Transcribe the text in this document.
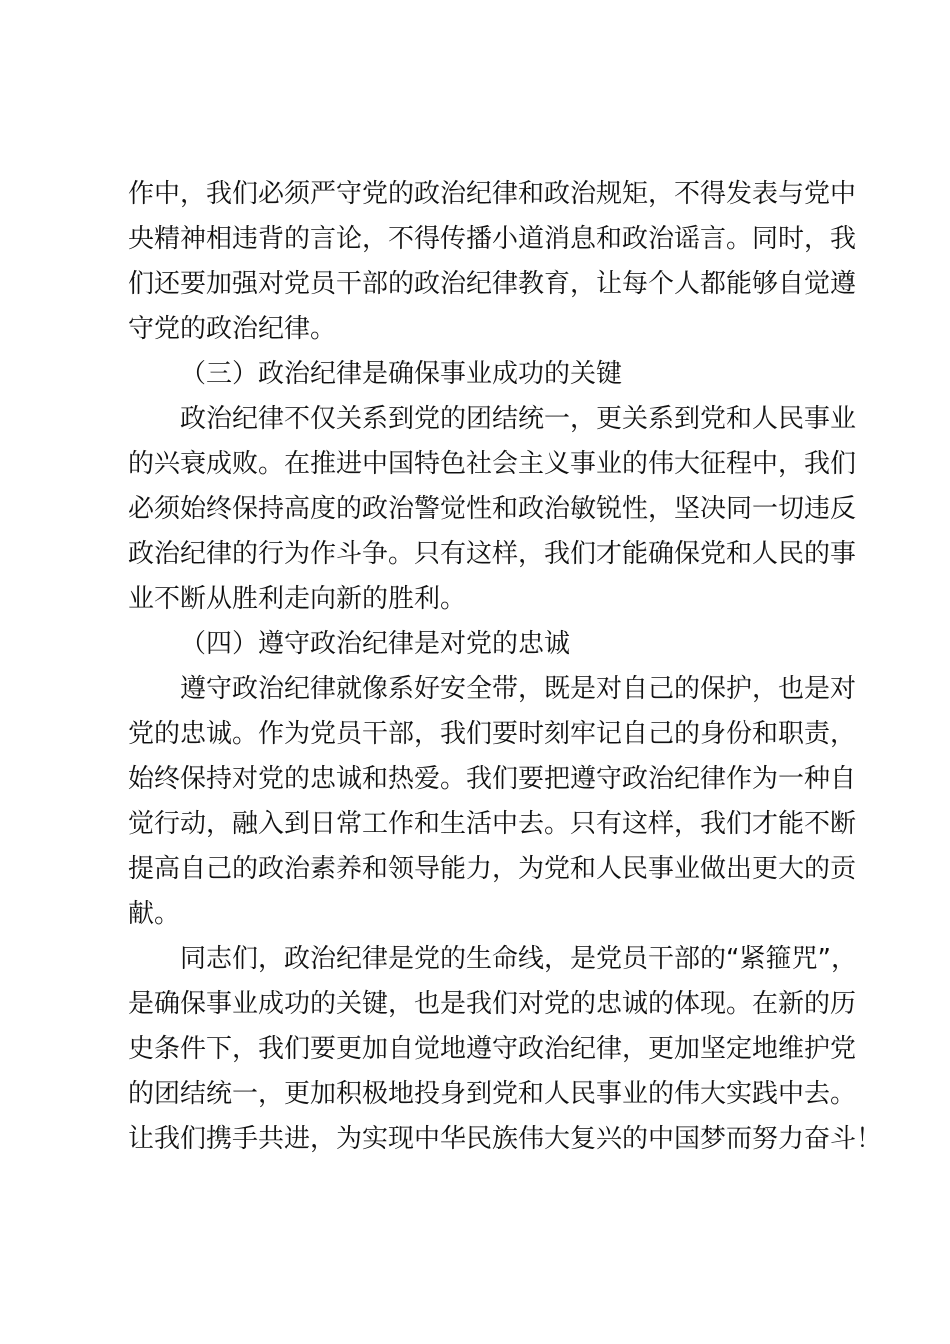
作中，我们必须严守党的政治纪律和政治规矩，不得发表与党中
央精神相违背的言论，不得传播小道消息和政治谣言。同时，我
们还要加强对党员干部的政治纪律教育，让每个人都能够自觉遵
守党的政治纪律。
（三）政治纪律是确保事业成功的关键
政治纪律不仅关系到党的团结统一，更关系到党和人民事业
的兴衰成败。在推进中国特色社会主义事业的伟大征程中，我们
必须始终保持高度的政治警觉性和政治敏锐性，坚决同一切违反
政治纪律的行为作斗争。只有这样，我们才能确保党和人民的事
业不断从胜利走向新的胜利。
（四）遵守政治纪律是对党的忠诚
遵守政治纪律就像系好安全带，既是对自己的保护，也是对
党的忠诚。作为党员干部，我们要时刻牢记自己的身份和职责，
始终保持对党的忠诚和热爱。我们要把遵守政治纪律作为一种自
觉行动，融入到日常工作和生活中去。只有这样，我们才能不断
提高自己的政治素养和领导能力，为党和人民事业做出更大的贡
献。
同志们，政治纪律是党的生命线，是党员干部的“紧箍咒”，
是确保事业成功的关键，也是我们对党的忠诚的体现。在新的历
史条件下，我们要更加自觉地遵守政治纪律，更加坚定地维护党
的团结统一，更加积极地投身到党和人民事业的伟大实践中去。
让我们携手共进，为实现中华民族伟大复兴的中国梦而努力奋斗！
